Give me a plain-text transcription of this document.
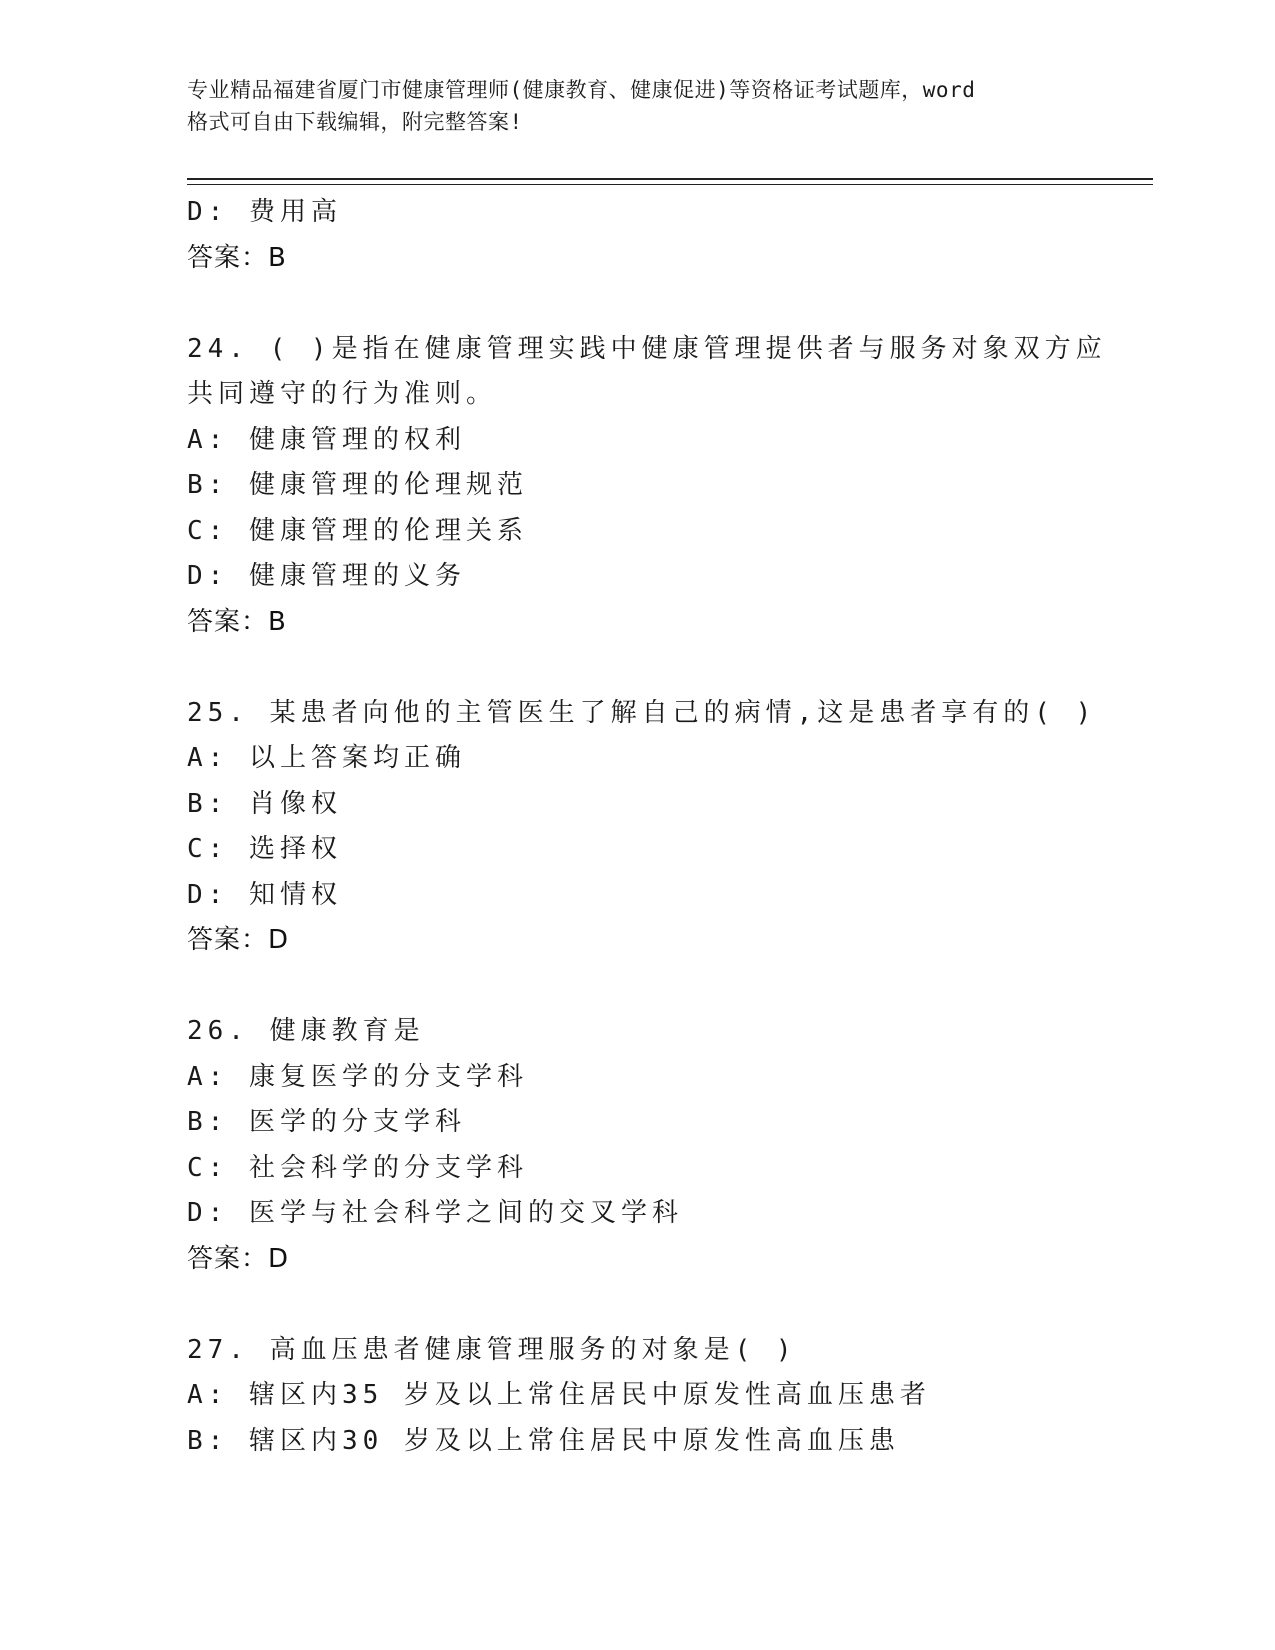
专业精品福建省厦门市健康管理师(健康教育、健康促进)等资格证考试题库，word
格式可自由下载编辑，附完整答案!
D: 费用高
答案：B
24. ( )是指在健康管理实践中健康管理提供者与服务对象双方应
共同遵守的行为准则。
A: 健康管理的权利
B: 健康管理的伦理规范
C: 健康管理的伦理关系
D: 健康管理的义务
答案：B
25. 某患者向他的主管医生了解自己的病情,这是患者享有的( )
A: 以上答案均正确
B: 肖像权
C: 选择权
D: 知情权
答案：D
26. 健康教育是
A: 康复医学的分支学科
B: 医学的分支学科
C: 社会科学的分支学科
D: 医学与社会科学之间的交叉学科
答案：D
27. 高血压患者健康管理服务的对象是( )
A: 辖区内35 岁及以上常住居民中原发性高血压患者
B: 辖区内30 岁及以上常住居民中原发性高血压患
